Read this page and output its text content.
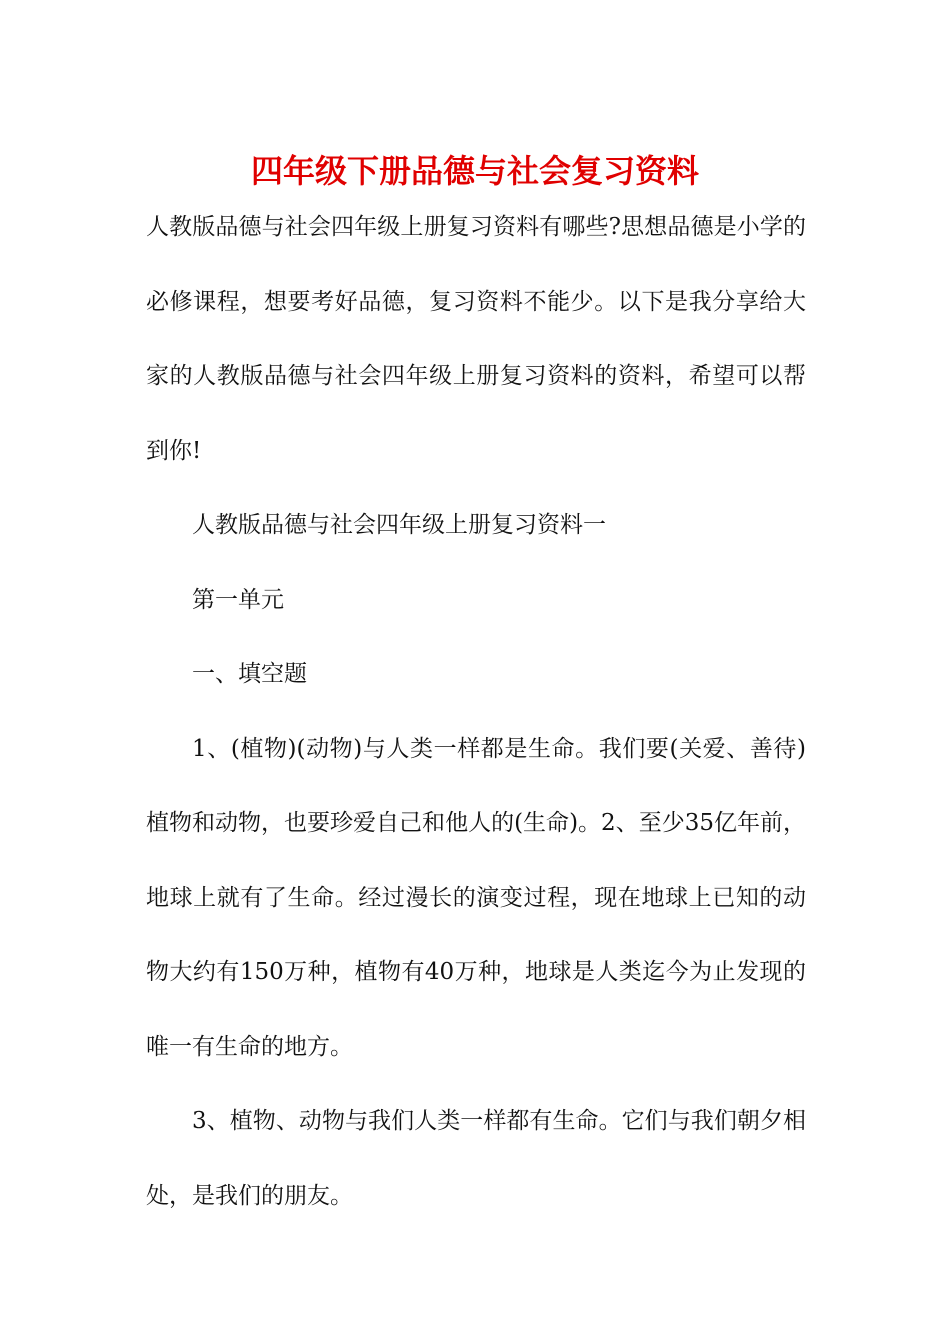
四年级下册品德与社会复习资料

人教版品德与社会四年级上册复习资料有哪些?思想品德是小学的必修课程，想要考好品德，复习资料不能少。以下是我分享给大家的人教版品德与社会四年级上册复习资料的资料，希望可以帮到你!

人教版品德与社会四年级上册复习资料一

第一单元

一、填空题

1、(植物)(动物)与人类一样都是生命。我们要(关爱、善待)植物和动物，也要珍爱自己和他人的(生命)。2、至少35亿年前，地球上就有了生命。经过漫长的演变过程，现在地球上已知的动物大约有150万种，植物有40万种，地球是人类迄今为止发现的唯一有生命的地方。

3、植物、动物与我们人类一样都有生命。它们与我们朝夕相处，是我们的朋友。
